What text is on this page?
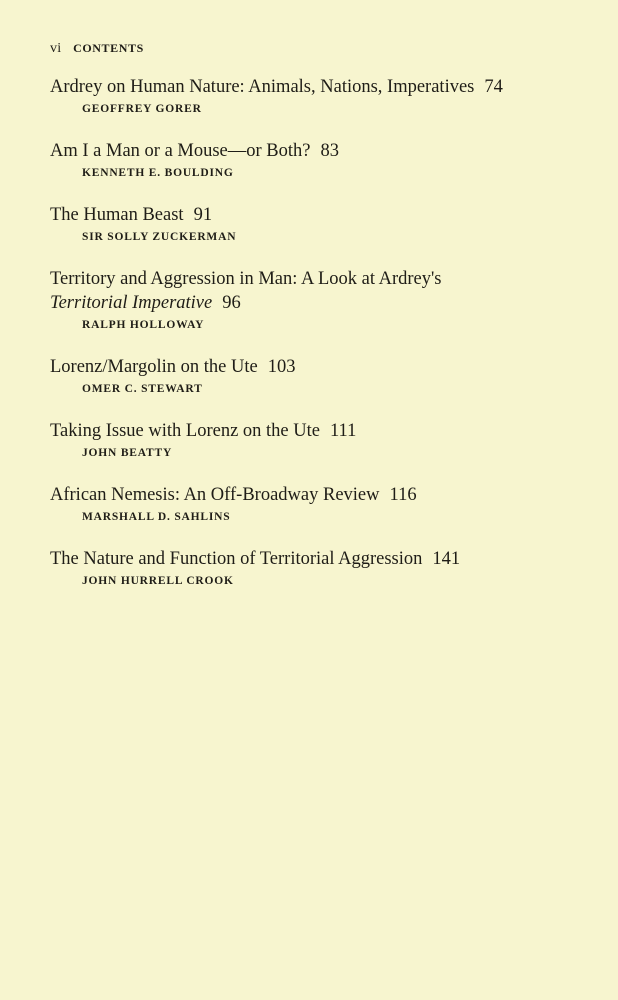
vi CONTENTS
Ardrey on Human Nature: Animals, Nations, Imperatives 74
GEOFFREY GORER
Am I a Man or a Mouse—or Both? 83
KENNETH E. BOULDING
The Human Beast 91
SIR SOLLY ZUCKERMAN
Territory and Aggression in Man: A Look at Ardrey's
Territorial Imperative 96
RALPH HOLLOWAY
Lorenz/Margolin on the Ute 103
OMER C. STEWART
Taking Issue with Lorenz on the Ute 111
JOHN BEATTY
African Nemesis: An Off-Broadway Review 116
MARSHALL D. SAHLINS
The Nature and Function of Territorial Aggression 141
JOHN HURRELL CROOK
